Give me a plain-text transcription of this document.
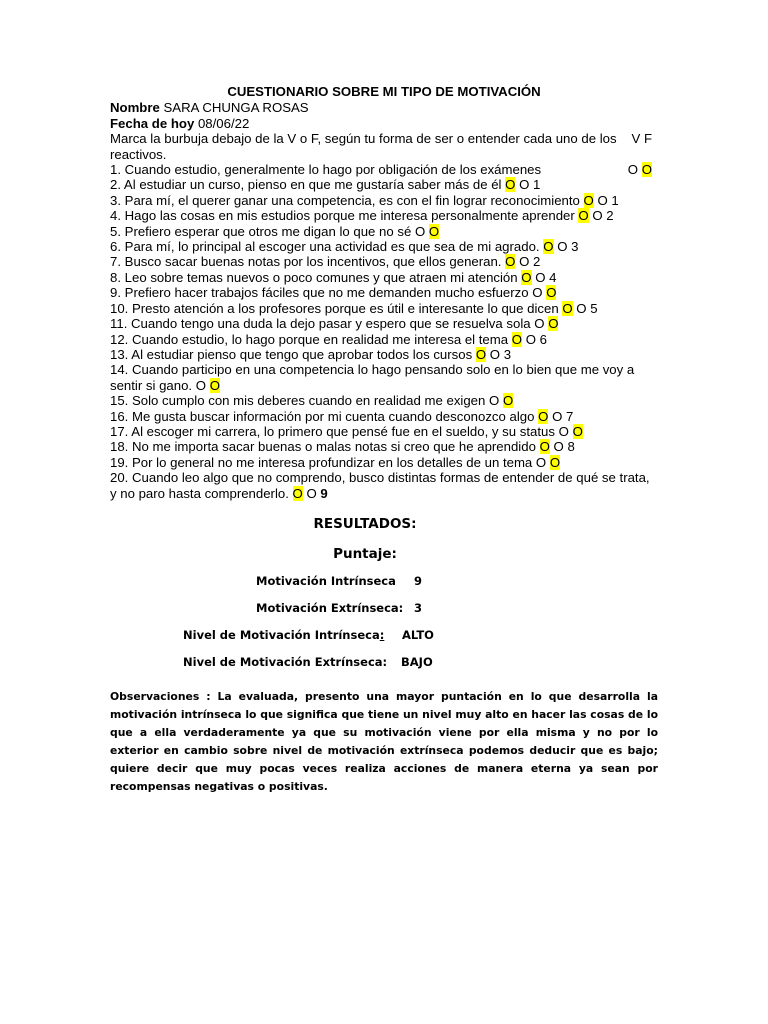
CUESTIONARIO SOBRE MI TIPO DE MOTIVACIÓN
Nombre SARA CHUNGA ROSAS
Fecha de hoy 08/06/22
Marca la burbuja debajo de la V o F, según tu forma de ser o entender cada uno de los reactivos.
V F
1. Cuando estudio, generalmente lo hago por obligación de los exámenes	O O
2. Al estudiar un curso, pienso en que me gustaría saber más de él O O 1
3. Para mí, el querer ganar una competencia, es con el fin lograr reconocimiento O O 1
4. Hago las cosas en mis estudios porque me interesa personalmente aprender O O 2
5. Prefiero esperar que otros me digan lo que no sé O O
6. Para mí, lo principal al escoger una actividad es que sea de mi agrado. O O 3
7. Busco sacar buenas notas por los incentivos, que ellos generan. O O 2
8. Leo sobre temas nuevos o poco comunes y que atraen mi atención O O 4
9. Prefiero hacer trabajos fáciles que no me demanden mucho esfuerzo O O
10. Presto atención a los profesores porque es útil e interesante lo que dicen O O 5
11. Cuando tengo una duda la dejo pasar y espero que se resuelva sola O O
12. Cuando estudio, lo hago porque en realidad me interesa el tema O O 6
13. Al estudiar pienso que tengo que aprobar todos los cursos O O 3
14. Cuando participo en una competencia lo hago pensando solo en lo bien que me voy a sentir si gano. O O
15. Solo cumplo con mis deberes cuando en realidad me exigen O O
16. Me gusta buscar información por mi cuenta cuando desconozco algo O O 7
17. Al escoger mi carrera, lo primero que pensé fue en el sueldo, y su status O O
18. No me importa sacar buenas o malas notas si creo que he aprendido O O 8
19. Por lo general no me interesa profundizar en los detalles de un tema O O
20. Cuando leo algo que no comprendo, busco distintas formas de entender de qué se trata, y no paro hasta comprenderlo. O O 9
RESULTADOS:
Puntaje:
Motivación Intrínseca 9
Motivación Extrínseca: 3
Nivel de Motivación Intrínseca: ALTO
Nivel de Motivación Extrínseca: BAJO
Observaciones : La evaluada, presento una mayor puntación en lo que desarrolla la motivación intrínseca lo que significa que tiene un nivel muy alto en hacer las cosas de lo que a ella verdaderamente ya que su motivación viene por ella misma y no por lo exterior en cambio sobre nivel de motivación extrínseca podemos deducir que es bajo; quiere decir que muy pocas veces realiza acciones de manera eterna ya sean por recompensas negativas o positivas.
